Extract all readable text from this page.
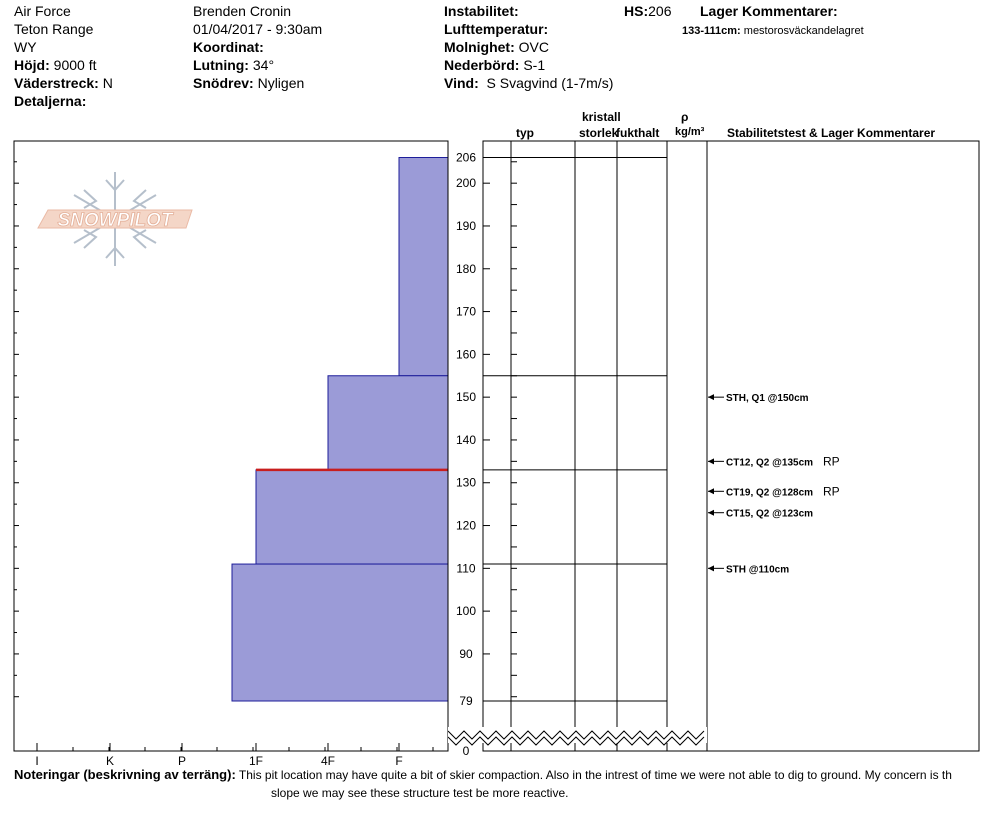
Air Force
Teton Range
WY
Höjd: 9000 ft
Väderstreck: N
Detaljerna:
Brenden Cronin
01/04/2017 - 9:30am
Koordinat:
Lutning: 34°
Snödrev: Nyligen
Instabilitet:
Lufttemperatur:
Molnighet: OVC
Nederbörd: S-1
Vind: S Svagvind (1-7m/s)
HS:206 Lager Kommentarer:
133-111cm: mestorosväckandelagret
SNOWPILOT
206
200
190
180
170
160
150
140
130
120
110
100
90
79
0
I	K	P	1F	4F	F
STH, Q1 @150cm
CT12, Q2 @135cm RP
CT19, Q2 @128cm RP
CT15, Q2 @123cm
STH @110cm
typ
kristall
storlek
fukthalt
ρ
kg/m³ Stabilitetstest & Lager Kommentarer
Noteringar (beskrivning av terräng): This pit location may have quite a bit of skier compaction. Also in the intrest of time we were not able to dig to ground. My concern is th
slope we may see these structure test be more reactive.
